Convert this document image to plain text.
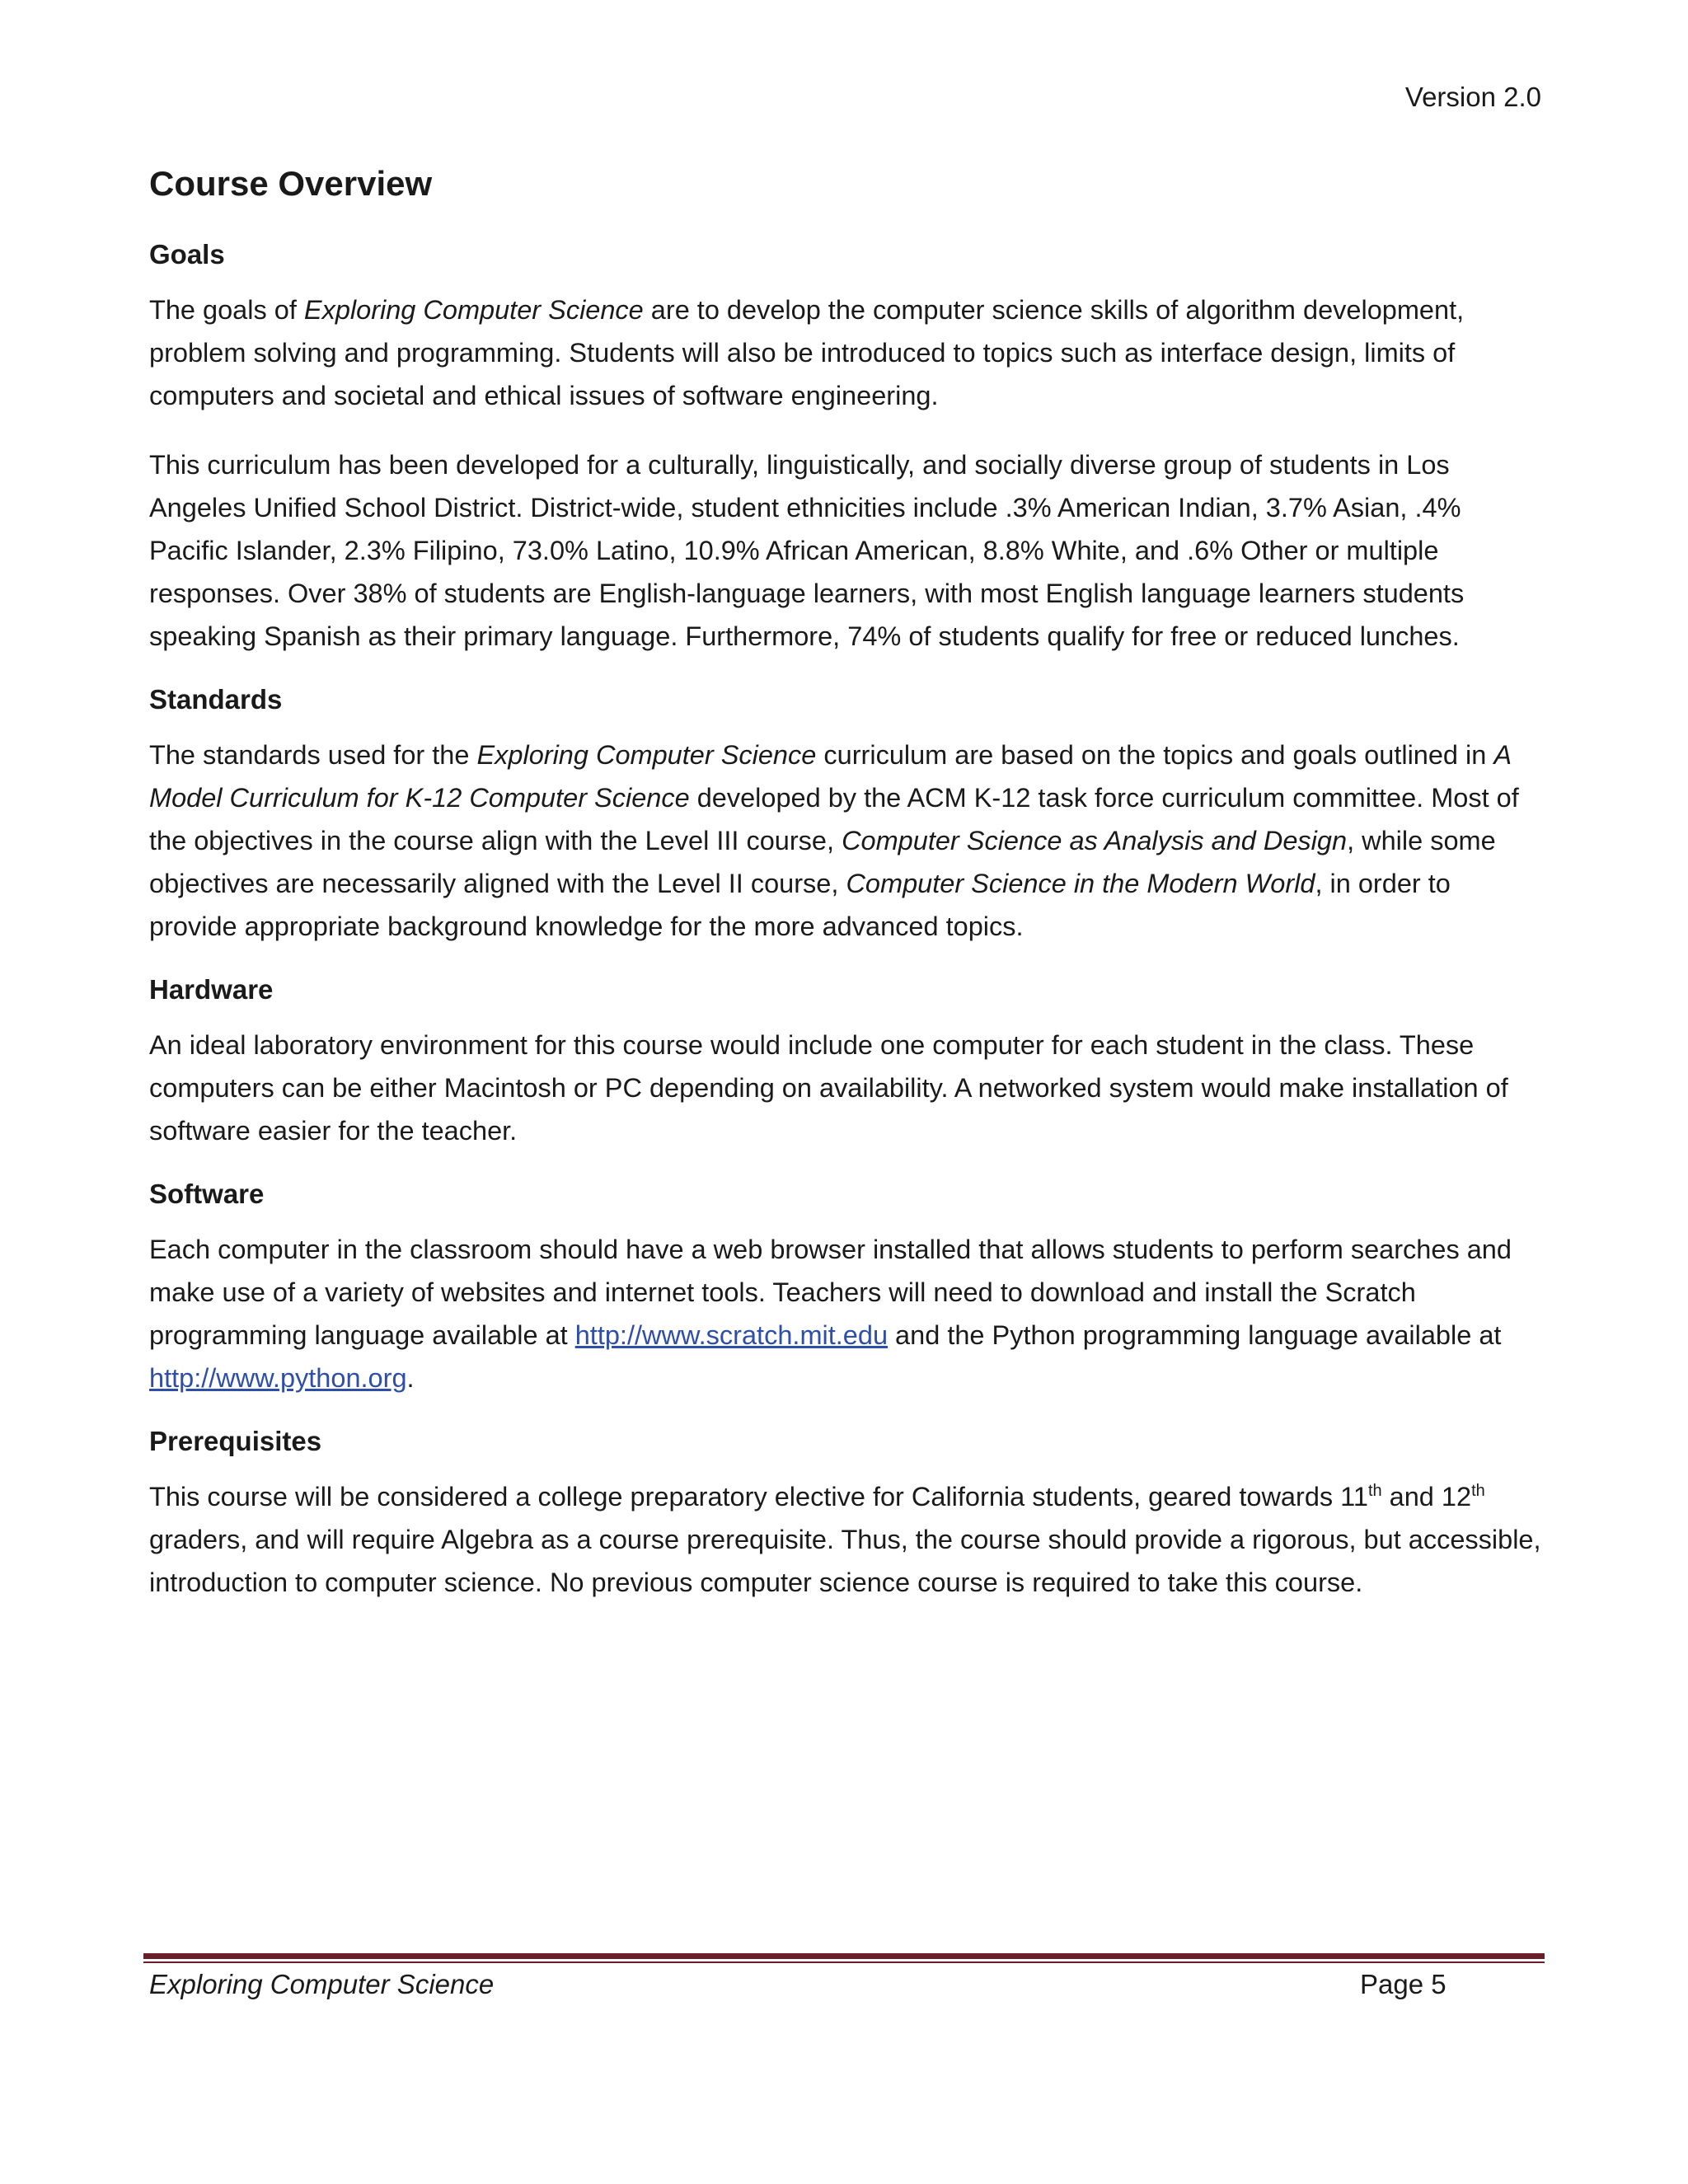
Version 2.0
Course Overview
Goals

The goals of Exploring Computer Science are to develop the computer science skills of algorithm development, problem solving and programming. Students will also be introduced to topics such as interface design, limits of computers and societal and ethical issues of software engineering.

This curriculum has been developed for a culturally, linguistically, and socially diverse group of students in Los Angeles Unified School District. District-wide, student ethnicities include .3% American Indian, 3.7% Asian, .4% Pacific Islander, 2.3% Filipino, 73.0% Latino, 10.9% African American, 8.8% White, and .6% Other or multiple responses. Over 38% of students are English-language learners, with most English language learners students speaking Spanish as their primary language. Furthermore, 74% of students qualify for free or reduced lunches.

Standards

The standards used for the Exploring Computer Science curriculum are based on the topics and goals outlined in A Model Curriculum for K-12 Computer Science developed by the ACM K-12 task force curriculum committee. Most of the objectives in the course align with the Level III course, Computer Science as Analysis and Design, while some objectives are necessarily aligned with the Level II course, Computer Science in the Modern World, in order to provide appropriate background knowledge for the more advanced topics.

Hardware

An ideal laboratory environment for this course would include one computer for each student in the class. These computers can be either Macintosh or PC depending on availability. A networked system would make installation of software easier for the teacher.

Software

Each computer in the classroom should have a web browser installed that allows students to perform searches and make use of a variety of websites and internet tools. Teachers will need to download and install the Scratch programming language available at http://www.scratch.mit.edu and the Python programming language available at http://www.python.org.

Prerequisites

This course will be considered a college preparatory elective for California students, geared towards 11th and 12th graders, and will require Algebra as a course prerequisite. Thus, the course should provide a rigorous, but accessible, introduction to computer science. No previous computer science course is required to take this course.

Exploring Computer Science	Page 5
